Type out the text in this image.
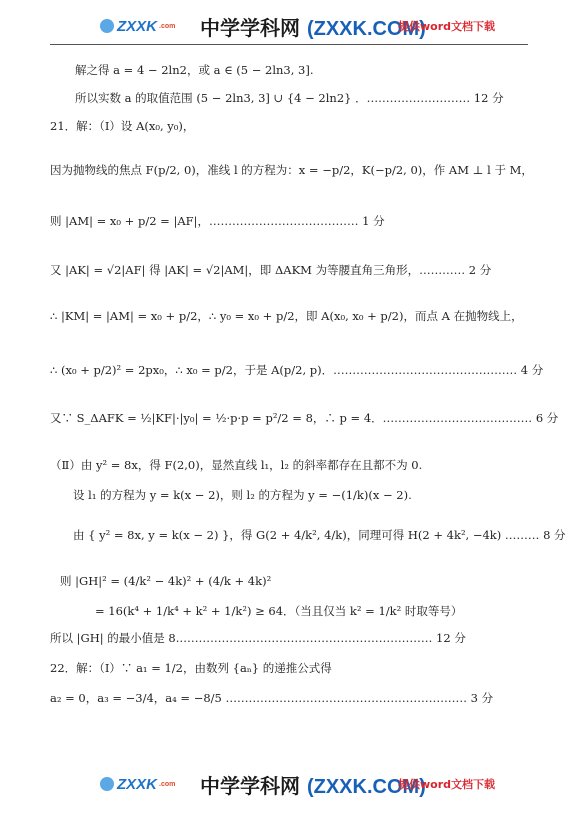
ZXXK .com 中学学科网 (ZXXK.COM)
提供word文档下载
解之得 a = 4 − 2ln2，或 a ∈ (5 − 2ln3, 3].
所以实数 a 的取值范围 (5 − 2ln3, 3] ∪ {4 − 2ln2} ．……………………… 12 分
21．解：（Ⅰ）设 A(x₀, y₀)，
因为抛物线的焦点 F(p/2, 0)，准线 l 的方程为：x = −p/2，K(−p/2, 0)，作 AM ⊥ l 于 M，
则 |AM| = x₀ + p/2 = |AF|，………………………………… 1 分
又 |AK| = √2|AF| 得 |AK| = √2|AM|，即 ΔAKM 为等腰直角三角形，………… 2 分
∴ |KM| = |AM| = x₀ + p/2，∴ y₀ = x₀ + p/2，即 A(x₀, x₀ + p/2)，而点 A 在抛物线上，
∴ (x₀ + p/2)² = 2px₀，∴ x₀ = p/2，于是 A(p/2, p)．………………………………………… 4 分
又∵ S_ΔAFK = ½|KF|·|y₀| = ½·p·p = p²/2 = 8，∴ p = 4．………………………………… 6 分
（Ⅱ）由 y² = 8x，得 F(2,0)，显然直线 l₁，l₂ 的斜率都存在且都不为 0.
设 l₁ 的方程为 y = k(x − 2)，则 l₂ 的方程为 y = −(1/k)(x − 2).
由 { y² = 8x, y = k(x − 2) }，得 G(2 + 4/k², 4/k)，同理可得 H(2 + 4k², −4k) ……… 8 分
则 |GH|² = (4/k² − 4k)² + (4/k + 4k)²
= 16(k⁴ + 1/k⁴ + k² + 1/k²) ≥ 64．（当且仅当 k² = 1/k² 时取等号）
所以 |GH| 的最小值是 8.………………………………………………………… 12 分
22．解：（Ⅰ）∵ a₁ = 1/2，由数列 {aₙ} 的递推公式得
a₂ = 0，a₃ = −3/4，a₄ = −8/5 ……………………………………………………… 3 分
ZXXK .com 中学学科网 (ZXXK.COM)
提供word文档下载
